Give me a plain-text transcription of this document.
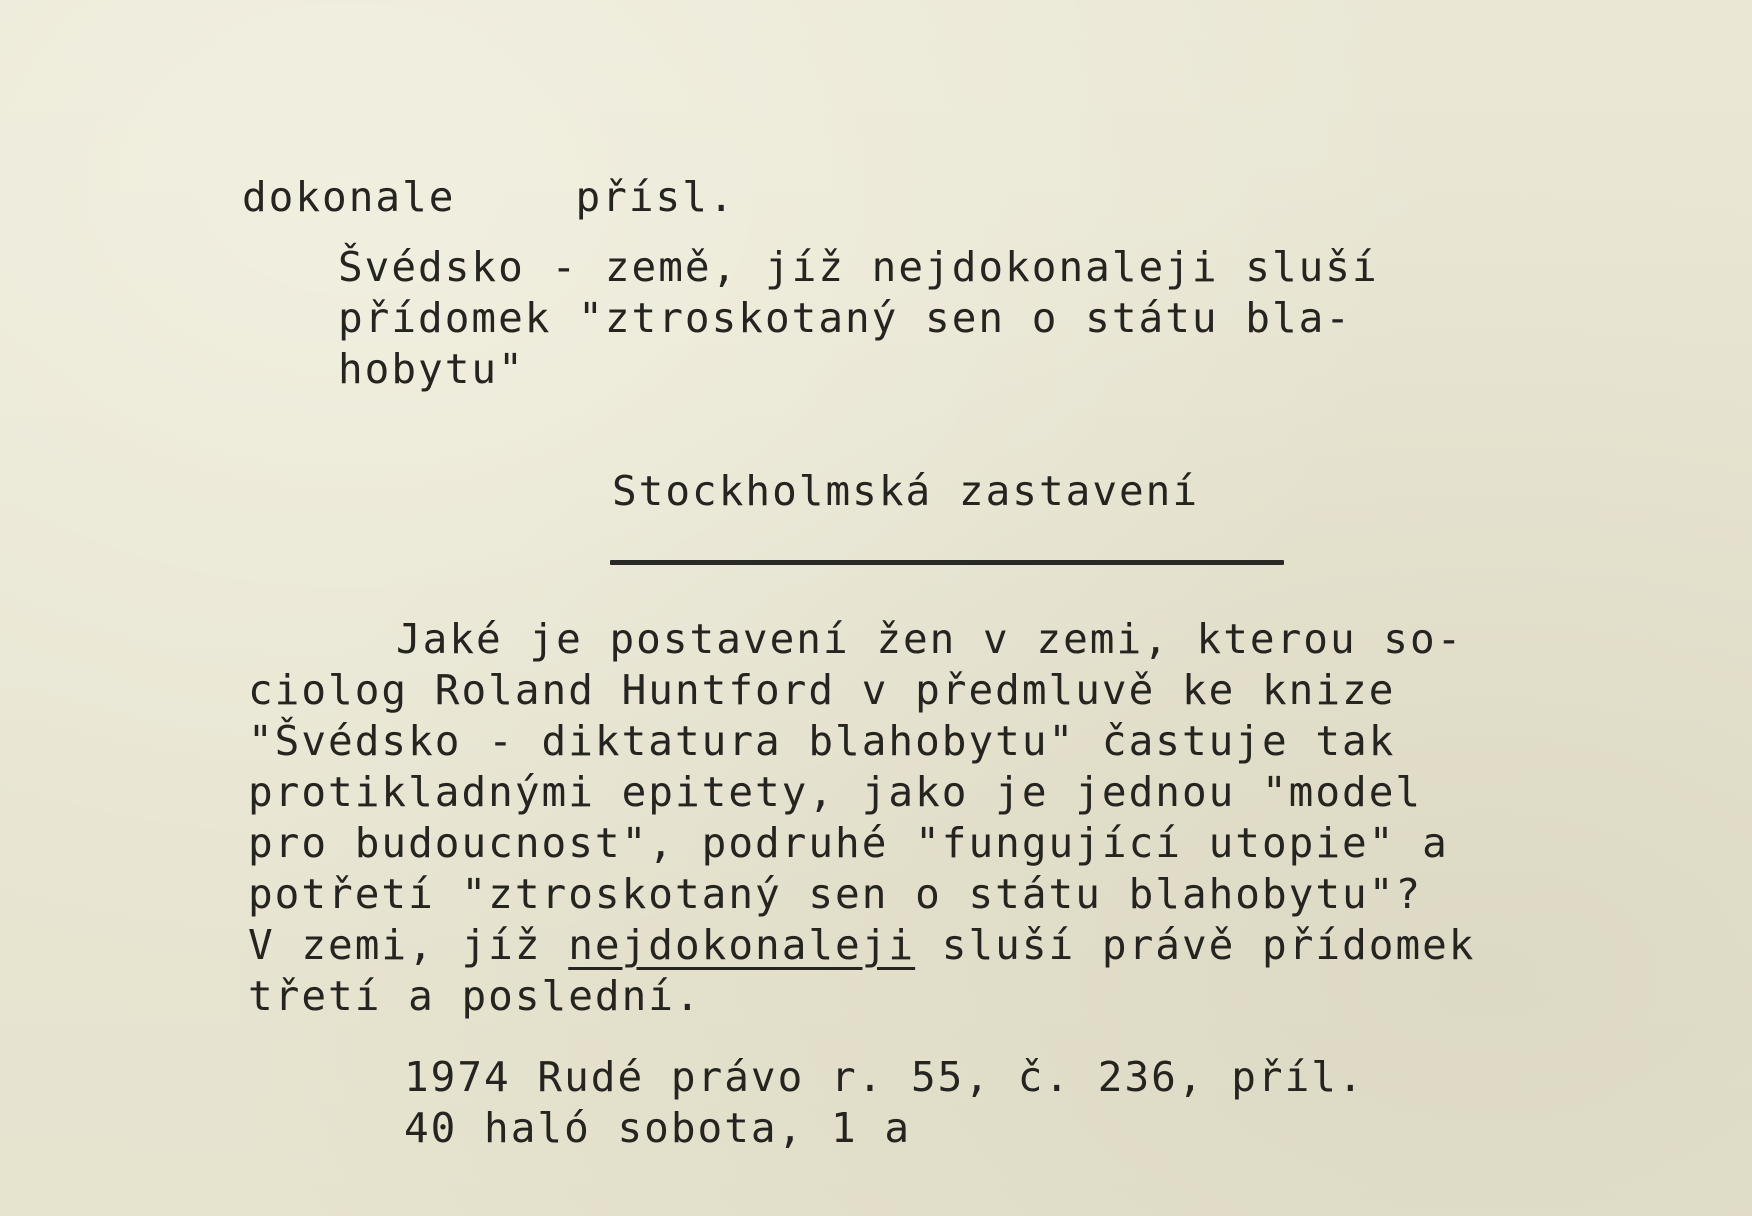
dokonale	přísl.

Švédsko - země, jíž nejdokonaleji sluší
přídomek "ztroskotaný sen o státu bla-
hobytu"

Stockholmská zastavení

Jaké je postavení žen v zemi, kterou so-
ciolog Roland Huntford v předmluvě ke knize
"Švédsko - diktatura blahobytu" častuje tak
protikladnými epitety, jako je jednou "model
pro budoucnost", podruhé "fungující utopie" a
potřetí "ztroskotaný sen o státu blahobytu"?
V zemi, jíž nejdokonaleji sluší právě přídomek
třetí a poslední.

1974 Rudé právo r. 55, č. 236, příl.
40 haló sobota, 1 a
